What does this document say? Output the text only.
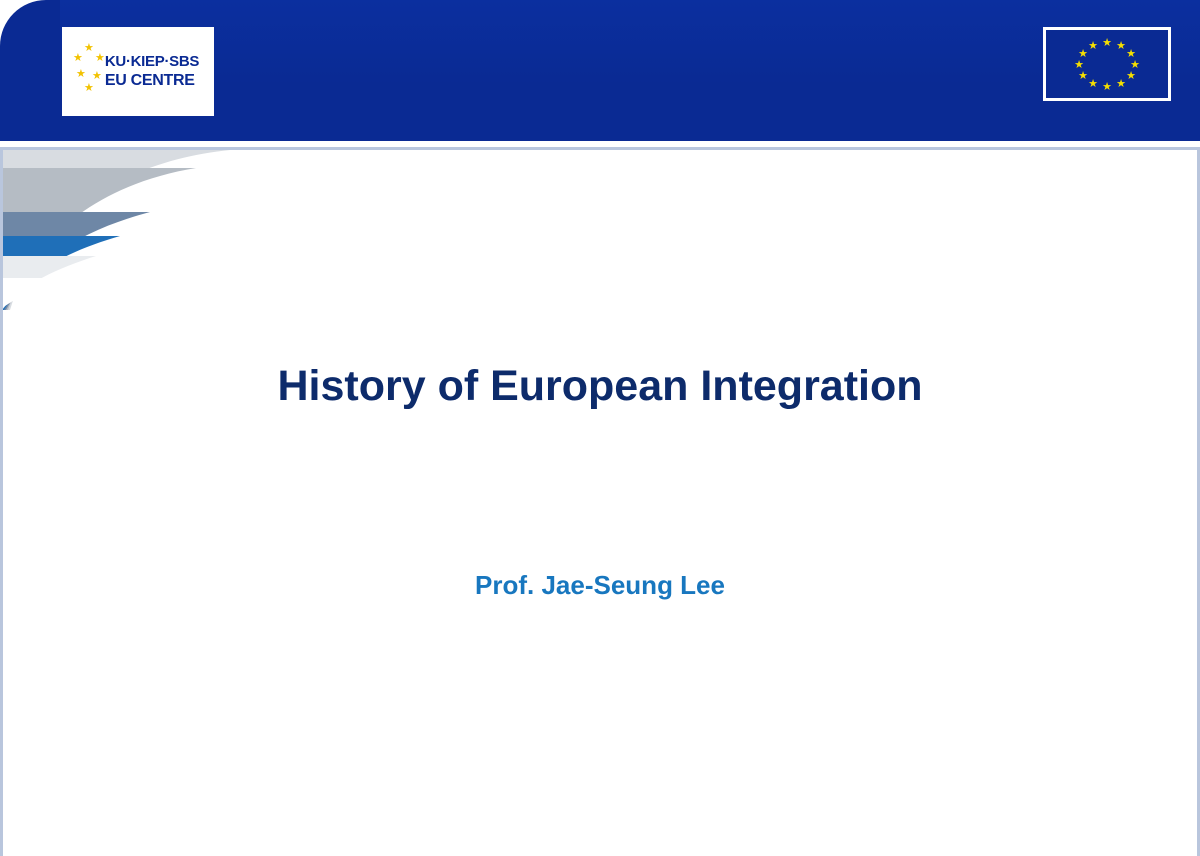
★
★
★
★ ★
★
KU·KIEP·SBS
EU CENTRE
★ ★
★
★
★
★
★
★
★
★
★
★
History of European Integration
Prof. Jae-Seung Lee
